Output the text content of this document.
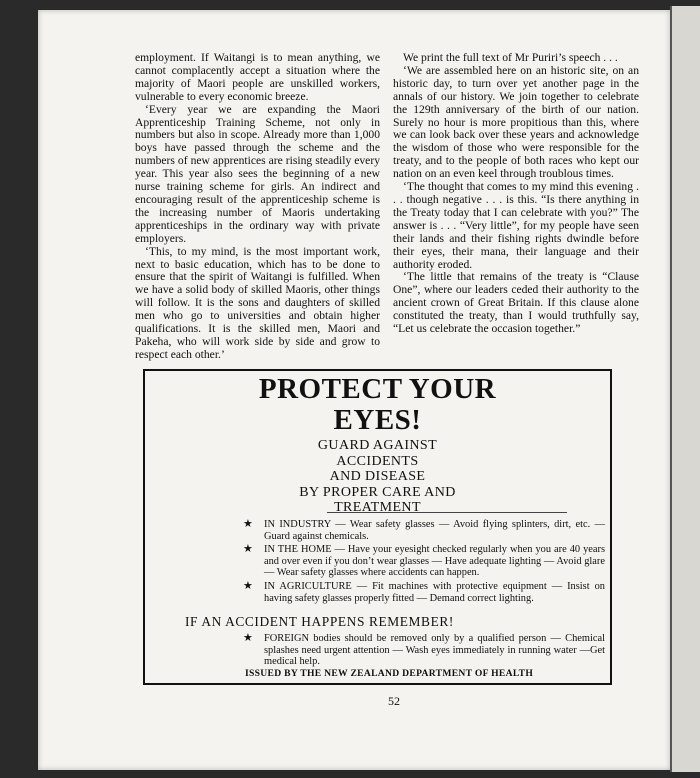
employment. If Waitangi is to mean anything, we cannot complacently accept a situation where the majority of Maori people are unskilled workers, vulnerable to every economic breeze.

‘Every year we are expanding the Maori Apprenticeship Training Scheme, not only in numbers but also in scope. Already more than 1,000 boys have passed through the scheme and the numbers of new apprentices are rising steadily every year. This year also sees the beginning of a new nurse training scheme for girls. An indirect and encouraging result of the apprenticeship scheme is the increasing number of Maoris undertaking apprenticeships in the ordinary way with private employers.

‘This, to my mind, is the most important work, next to basic education, which has to be done to ensure that the spirit of Waitangi is fulfilled. When we have a solid body of skilled Maoris, other things will follow. It is the sons and daughters of skilled men who go to universities and obtain higher qualifications. It is the skilled men, Maori and Pakeha, who will work side by side and grow to respect each other.’

We print the full text of Mr Puriri’s speech . . .

‘We are assembled here on an historic site, on an historic day, to turn over yet another page in the annals of our history. We join together to celebrate the 129th anniversary of the birth of our nation. Surely no hour is more propitious than this, where we can look back over these years and acknowledge the wisdom of those who were responsible for the treaty, and to the people of both races who kept our nation on an even keel through troublous times.

‘The thought that comes to my mind this evening . . . though negative . . . is this. “Is there anything in the Treaty today that I can celebrate with you?” The answer is . . . “Very little”, for my people have seen their lands and their fishing rights dwindle before their eyes, their mana, their language and their authority eroded.

‘The little that remains of the treaty is “Clause One”, where our leaders ceded their authority to the ancient crown of Great Britain. If this clause alone constituted the treaty, than I would truthfully say, “Let us celebrate the occasion together.”

PROTECT YOUR
EYES!
GUARD AGAINST
ACCIDENTS
AND DISEASE
BY PROPER CARE AND
TREATMENT
★ IN INDUSTRY — Wear safety glasses — Avoid flying splinters, dirt, etc. — Guard against chemicals.
★ IN THE HOME — Have your eyesight checked regularly when you are 40 years and over even if you don’t wear glasses — Have adequate lighting — Avoid glare — Wear safety glasses where accidents can happen.
★ IN AGRICULTURE — Fit machines with protective equipment — Insist on having safety glasses properly fitted — Demand correct lighting.
IF AN ACCIDENT HAPPENS REMEMBER!
★ FOREIGN bodies should be removed only by a qualified person — Chemical splashes need urgent attention — Wash eyes immediately in running water —Get medical help.
ISSUED BY THE NEW ZEALAND DEPARTMENT OF HEALTH
52
